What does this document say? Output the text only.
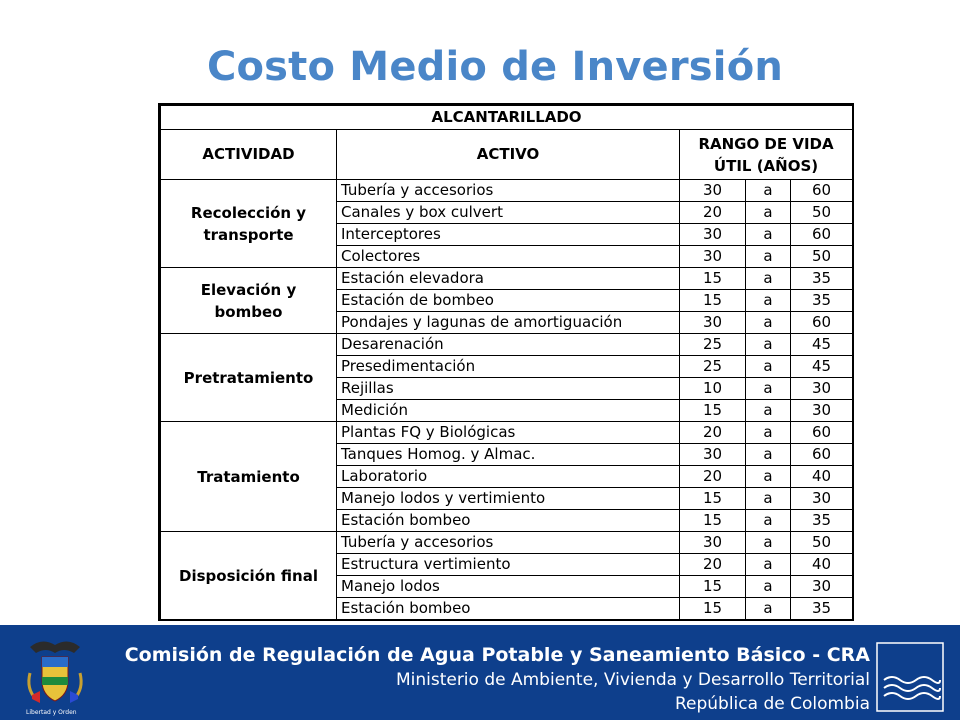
Costo Medio de Inversión
ALCANTARILLADO				
ACTIVIDAD	ACTIVO	RANGO DE VIDA ÚTIL (AÑOS)		
Recolección y transporte	Tubería y accesorios	30	a	60
	Canales y box culvert	20	a	50
	Interceptores	30	a	60
	Colectores	30	a	50
Elevación y bombeo	Estación elevadora	15	a	35
	Estación de bombeo	15	a	35
	Pondajes y lagunas de amortiguación	30	a	60
Pretratamiento	Desarenación	25	a	45
	Presedimentación	25	a	45
	Rejillas	10	a	30
	Medición	15	a	30
Tratamiento	Plantas FQ y Biológicas	20	a	60
	Tanques Homog. y Almac.	30	a	60
	Laboratorio	20	a	40
	Manejo lodos y vertimiento	15	a	30
	Estación bombeo	15	a	35
Disposición final	Tubería y accesorios	30	a	50
	Estructura vertimiento	20	a	40
	Manejo lodos	15	a	30
	Estación bombeo	15	a	35
Libertad y Orden
Comisión de Regulación de Agua Potable y Saneamiento Básico - CRA
Ministerio de Ambiente, Vivienda y Desarrollo Territorial
República de Colombia
